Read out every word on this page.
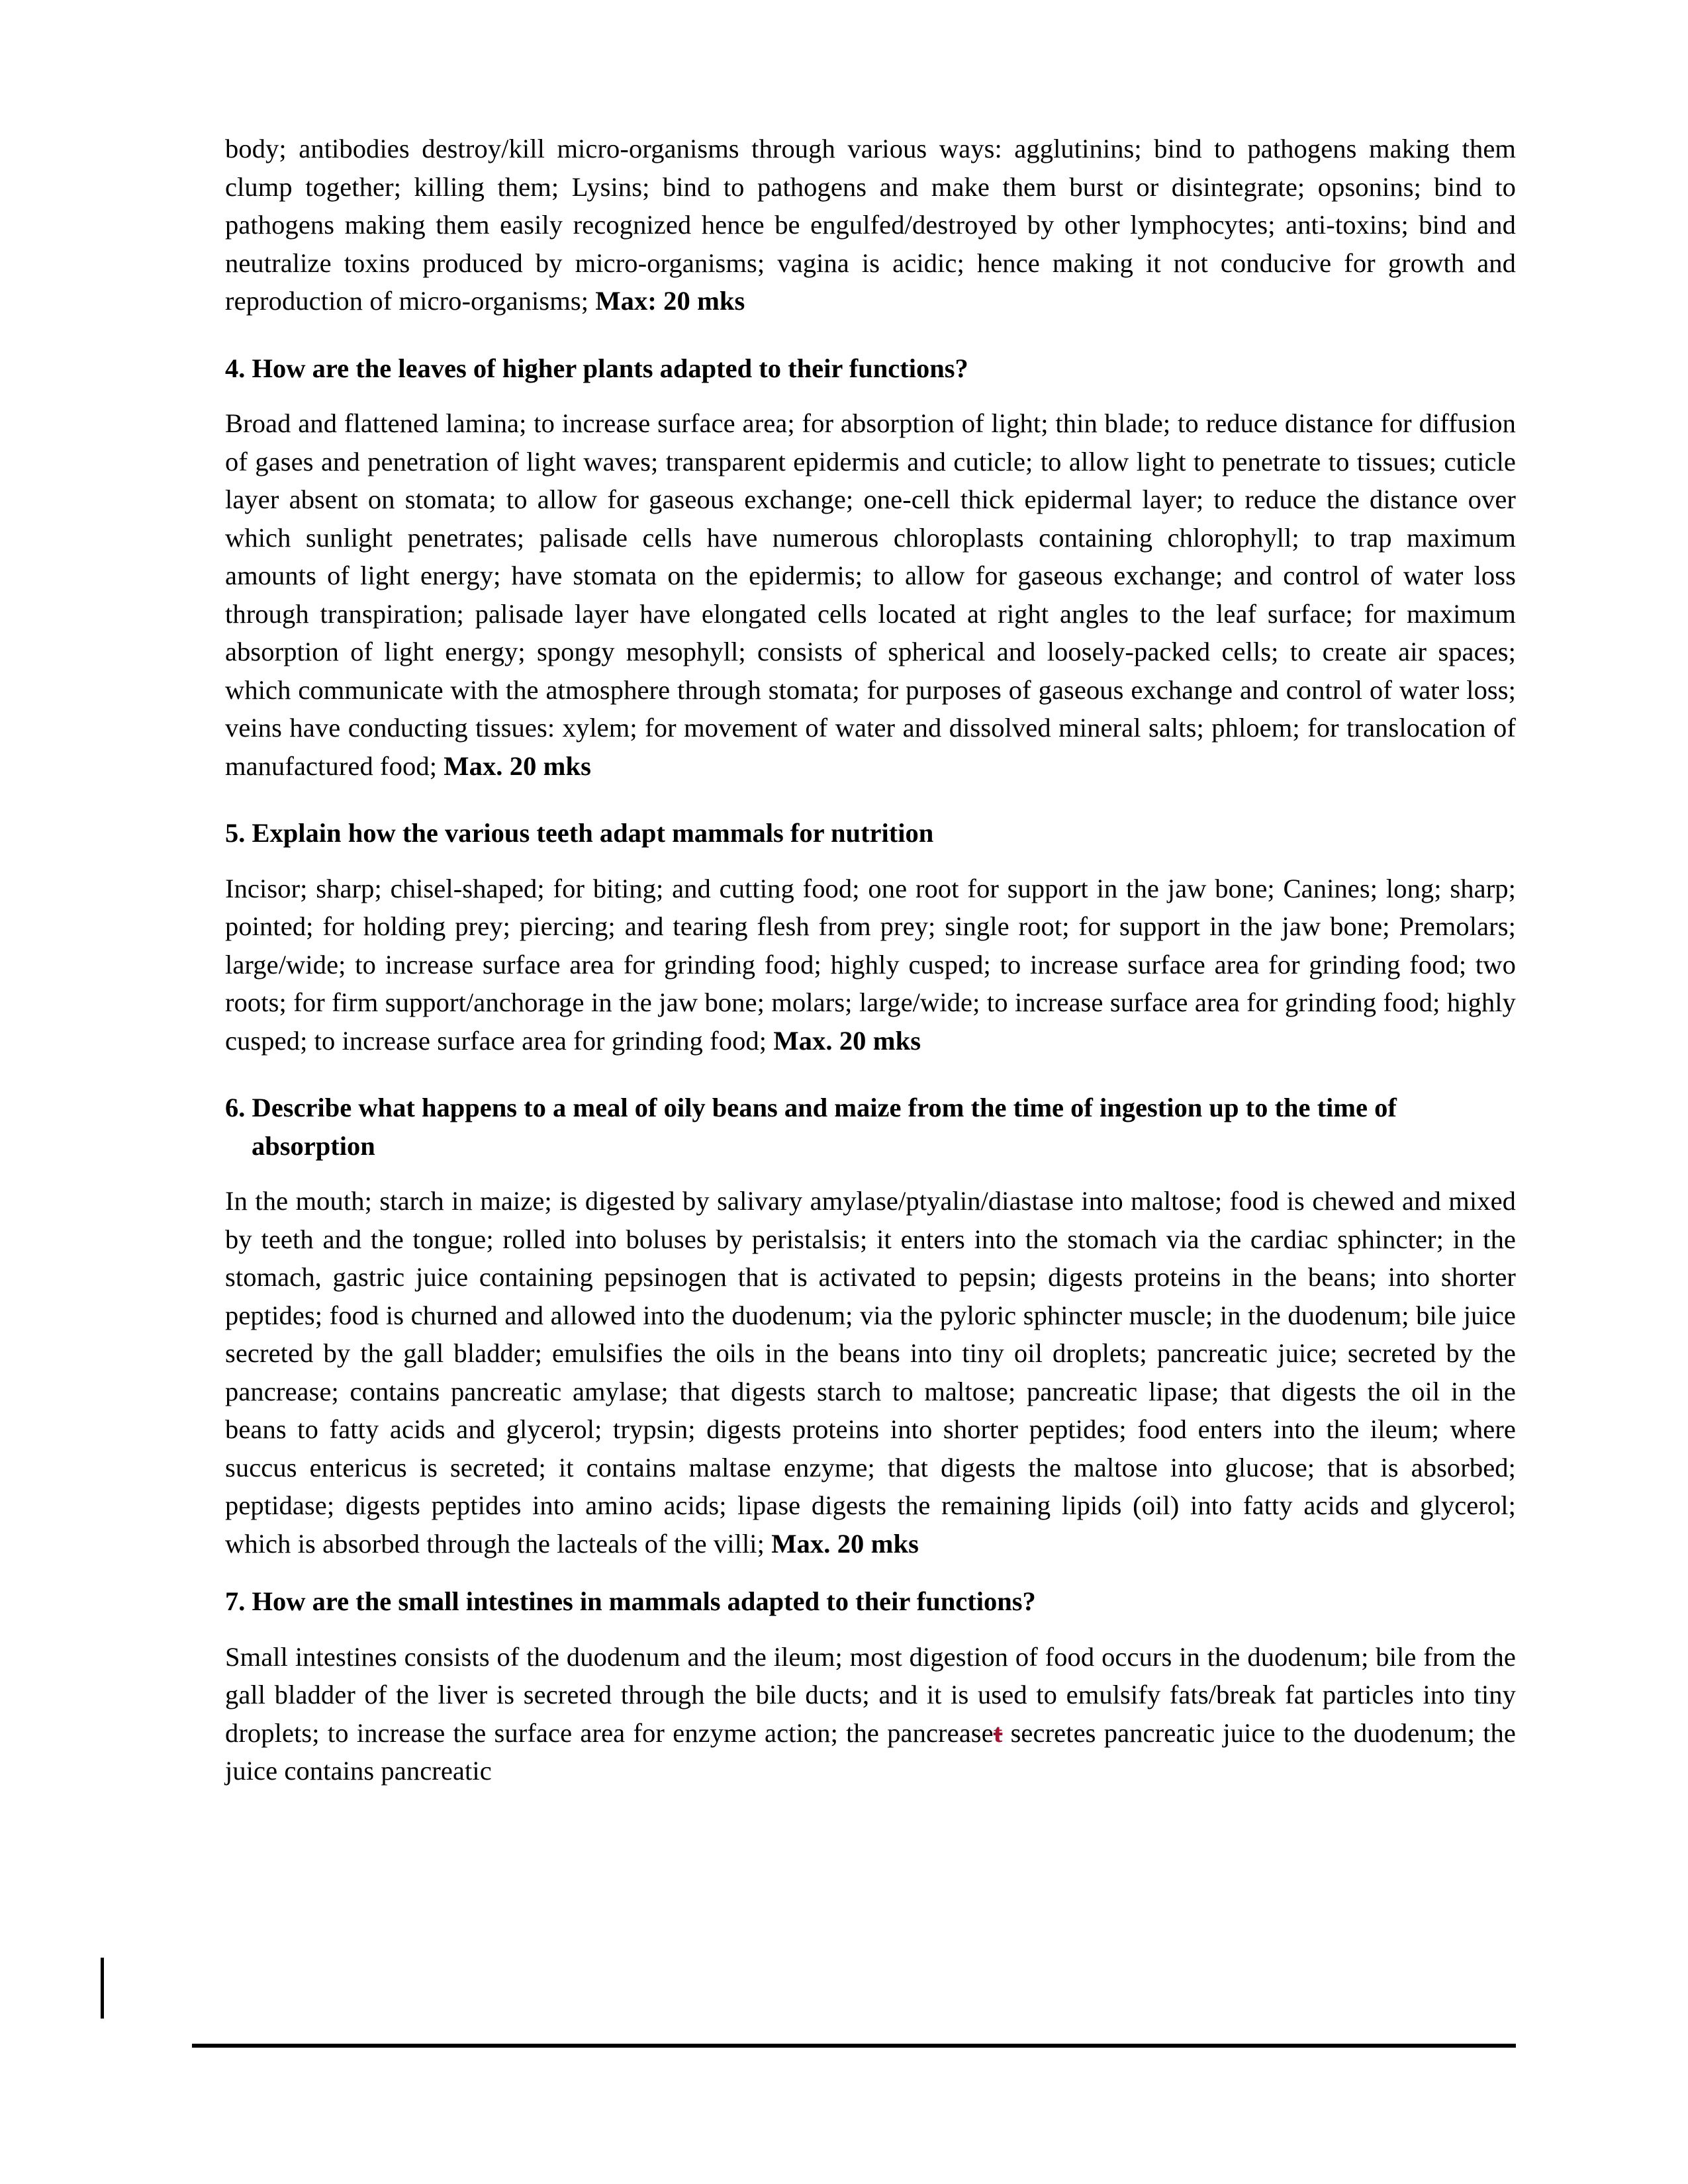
body; antibodies destroy/kill micro-organisms through various ways: agglutinins; bind to pathogens making them clump together; killing them; Lysins; bind to pathogens and make them burst or disintegrate; opsonins; bind to pathogens making them easily recognized hence be engulfed/destroyed by other lymphocytes; anti-toxins; bind and neutralize toxins produced by micro-organisms; vagina is acidic; hence making it not conducive for growth and reproduction of micro-organisms; Max: 20 mks

4. How are the leaves of higher plants adapted to their functions?

Broad and flattened lamina; to increase surface area; for absorption of light; thin blade; to reduce distance for diffusion of gases and penetration of light waves; transparent epidermis and cuticle; to allow light to penetrate to tissues; cuticle layer absent on stomata; to allow for gaseous exchange; one-cell thick epidermal layer; to reduce the distance over which sunlight penetrates; palisade cells have numerous chloroplasts containing chlorophyll; to trap maximum amounts of light energy; have stomata on the epidermis; to allow for gaseous exchange; and control of water loss through transpiration; palisade layer have elongated cells located at right angles to the leaf surface; for maximum absorption of light energy; spongy mesophyll; consists of spherical and loosely-packed cells; to create air spaces; which communicate with the atmosphere through stomata; for purposes of gaseous exchange and control of water loss; veins have conducting tissues: xylem; for movement of water and dissolved mineral salts; phloem; for translocation of manufactured food; Max. 20 mks

5. Explain how the various teeth adapt mammals for nutrition

Incisor; sharp; chisel-shaped; for biting; and cutting food; one root for support in the jaw bone; Canines; long; sharp; pointed; for holding prey; piercing; and tearing flesh from prey; single root; for support in the jaw bone; Premolars; large/wide; to increase surface area for grinding food; highly cusped; to increase surface area for grinding food; two roots; for firm support/anchorage in the jaw bone; molars; large/wide; to increase surface area for grinding food; highly cusped; to increase surface area for grinding food; Max. 20 mks

6. Describe what happens to a meal of oily beans and maize from the time of ingestion up to the time of absorption

In the mouth; starch in maize; is digested by salivary amylase/ptyalin/diastase into maltose; food is chewed and mixed by teeth and the tongue; rolled into boluses by peristalsis; it enters into the stomach via the cardiac sphincter; in the stomach, gastric juice containing pepsinogen that is activated to pepsin; digests proteins in the beans; into shorter peptides; food is churned and allowed into the duodenum; via the pyloric sphincter muscle; in the duodenum; bile juice secreted by the gall bladder; emulsifies the oils in the beans into tiny oil droplets; pancreatic juice; secreted by the pancrease; contains pancreatic amylase; that digests starch to maltose; pancreatic lipase; that digests the oil in the beans to fatty acids and glycerol; trypsin; digests proteins into shorter peptides; food enters into the ileum; where succus entericus is secreted; it contains maltase enzyme; that digests the maltose into glucose; that is absorbed; peptidase; digests peptides into amino acids; lipase digests the remaining lipids (oil) into fatty acids and glycerol; which is absorbed through the lacteals of the villi; Max. 20 mks

7. How are the small intestines in mammals adapted to their functions?

Small intestines consists of the duodenum and the ileum; most digestion of food occurs in the duodenum; bile from the gall bladder of the liver is secreted through the bile ducts; and it is used to emulsify fats/break fat particles into tiny droplets; to increase the surface area for enzyme action; the pancreaset secretes pancreatic juice to the duodenum; the juice contains pancreatic
